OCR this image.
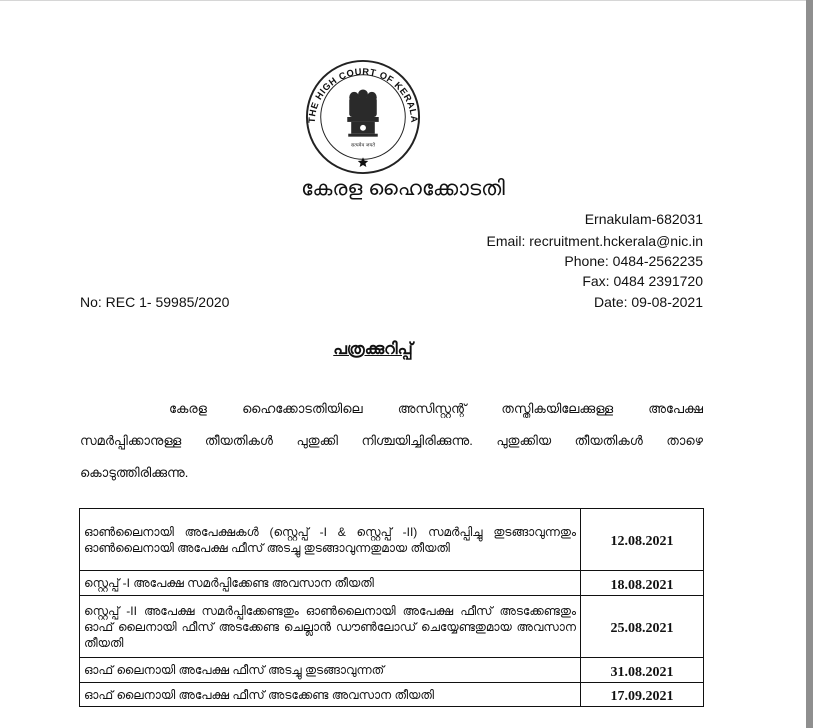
THE HIGH COURT OF KERALA
सत्यमेव जयते
കേരള ഹൈക്കോടതി
Ernakulam-682031
Email: recruitment.hckerala@nic.in
Phone: 0484-2562235
Fax: 0484 2391720
Date: 09-08-2021
No: REC 1- 59985/2020
പത്രക്കുറിപ്പ്

കേരള ഹൈക്കോടതിയിലെ അസിസ്റ്റന്റ് തസ്തികയിലേക്കുള്ള അപേക്ഷ സമർപ്പിക്കാനുള്ള തീയതികൾ പുതുക്കി നിശ്ചയിച്ചിരിക്കുന്നു. പുതുക്കിയ തീയതികൾ താഴെ കൊടുത്തിരിക്കുന്നു.

ഓൺലൈനായി അപേക്ഷകൾ (സ്റ്റെപ്പ് -I & സ്റ്റെപ്പ് -II) സമർപ്പിച്ചു തുടങ്ങാവുന്നതും ഓൺലൈനായി അപേക്ഷ ഫീസ് അടച്ചു തുടങ്ങാവുന്നതുമായ തീയതി	12.08.2021
സ്റ്റെപ്പ് -I അപേക്ഷ സമർപ്പിക്കേണ്ട അവസാന തീയതി	18.08.2021
സ്റ്റെപ്പ് -II അപേക്ഷ സമർപ്പിക്കേണ്ടതും ഓൺലൈനായി അപേക്ഷ ഫീസ് അടക്കേണ്ടതും ഓഫ് ലൈനായി ഫീസ് അടക്കേണ്ട ചെല്ലാൻ ഡൗൺലോഡ് ചെയ്യേണ്ടതുമായ അവസാന തീയതി	25.08.2021
ഓഫ് ലൈനായി അപേക്ഷ ഫീസ് അടച്ചു തുടങ്ങാവുന്നത്	31.08.2021
ഓഫ് ലൈനായി അപേക്ഷ ഫീസ് അടക്കേണ്ട അവസാന തീയതി	17.09.2021
